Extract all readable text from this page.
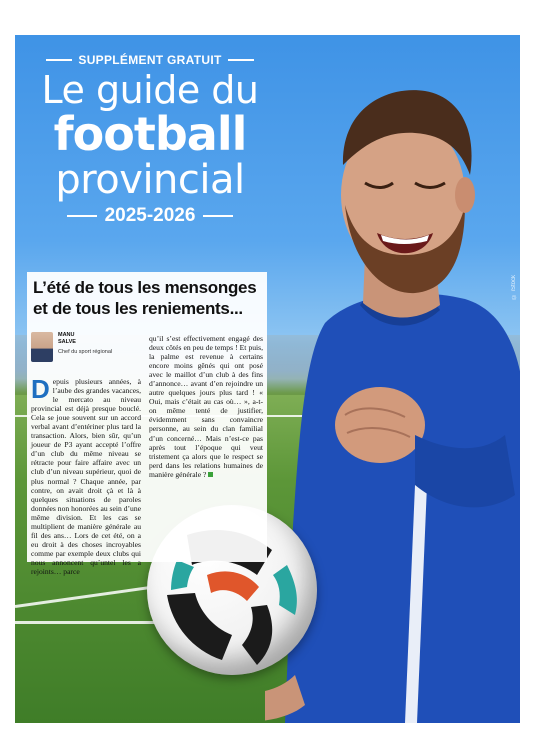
SUPPLÉMENT GRATUIT
Le guide du
football
provincial
2025-2026
© iStock
L’été de tous les mensonges
et de tous les reniements...
MANU
SALVE
Chef du sport régional
Depuis plusieurs années, à l’aube des grandes vacances, le mercato au niveau provincial est déjà presque bouclé. Cela se joue souvent sur un accord verbal avant d’entériner plus tard la transaction. Alors, bien sûr, qu’un joueur de P3 ayant accepté l’offre d’un club du même niveau se rétracte pour faire affaire avec un club d’un niveau supérieur, quoi de plus normal ? Chaque année, par contre, on avait droit çà et là à quelques situations de paroles données non honorées au sein d’une même division. Et les cas se multiplient de manière générale au fil des ans… Lors de cet été, on a eu droit à des choses incroyables comme par exemple deux clubs qui nous annoncent qu’untel les a rejoints… parce
qu’il s’est effectivement engagé des deux côtés en peu de temps ! Et puis, la palme est revenue à certains encore moins gênés qui ont posé avec le maillot d’un club à des fins d’annonce… avant d’en rejoindre un autre quelques jours plus tard ! « Oui, mais c’était au cas où… », a-t-on même tenté de justifier, évidemment sans convaincre personne, au sein du clan familial d’un concerné… Mais n’est-ce pas après tout l’époque qui veut tristement ça alors que le respect se perd dans les relations humaines de manière générale ?
